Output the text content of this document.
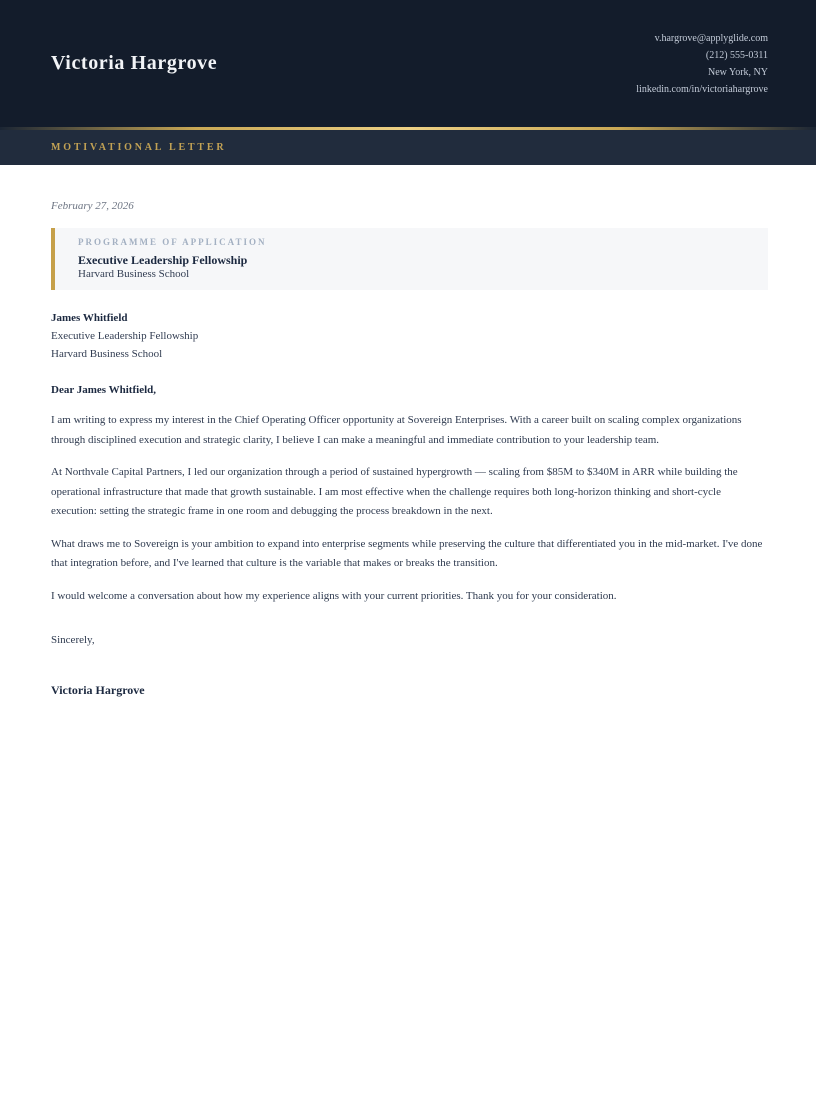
Victoria Hargrove
v.hargrove@applyglide.com
(212) 555-0311
New York, NY
linkedin.com/in/victoriahargrove
MOTIVATIONAL LETTER
February 27, 2026
PROGRAMME OF APPLICATION
Executive Leadership Fellowship
Harvard Business School
James Whitfield
Executive Leadership Fellowship
Harvard Business School

Dear James Whitfield,

I am writing to express my interest in the Chief Operating Officer opportunity at Sovereign Enterprises. With a career built on scaling complex organizations through disciplined execution and strategic clarity, I believe I can make a meaningful and immediate contribution to your leadership team.

At Northvale Capital Partners, I led our organization through a period of sustained hypergrowth — scaling from $85M to $340M in ARR while building the operational infrastructure that made that growth sustainable. I am most effective when the challenge requires both long-horizon thinking and short-cycle execution: setting the strategic frame in one room and debugging the process breakdown in the next.

What draws me to Sovereign is your ambition to expand into enterprise segments while preserving the culture that differentiated you in the mid-market. I've done that integration before, and I've learned that culture is the variable that makes or breaks the transition.

I would welcome a conversation about how my experience aligns with your current priorities. Thank you for your consideration.

Sincerely,

Victoria Hargrove
